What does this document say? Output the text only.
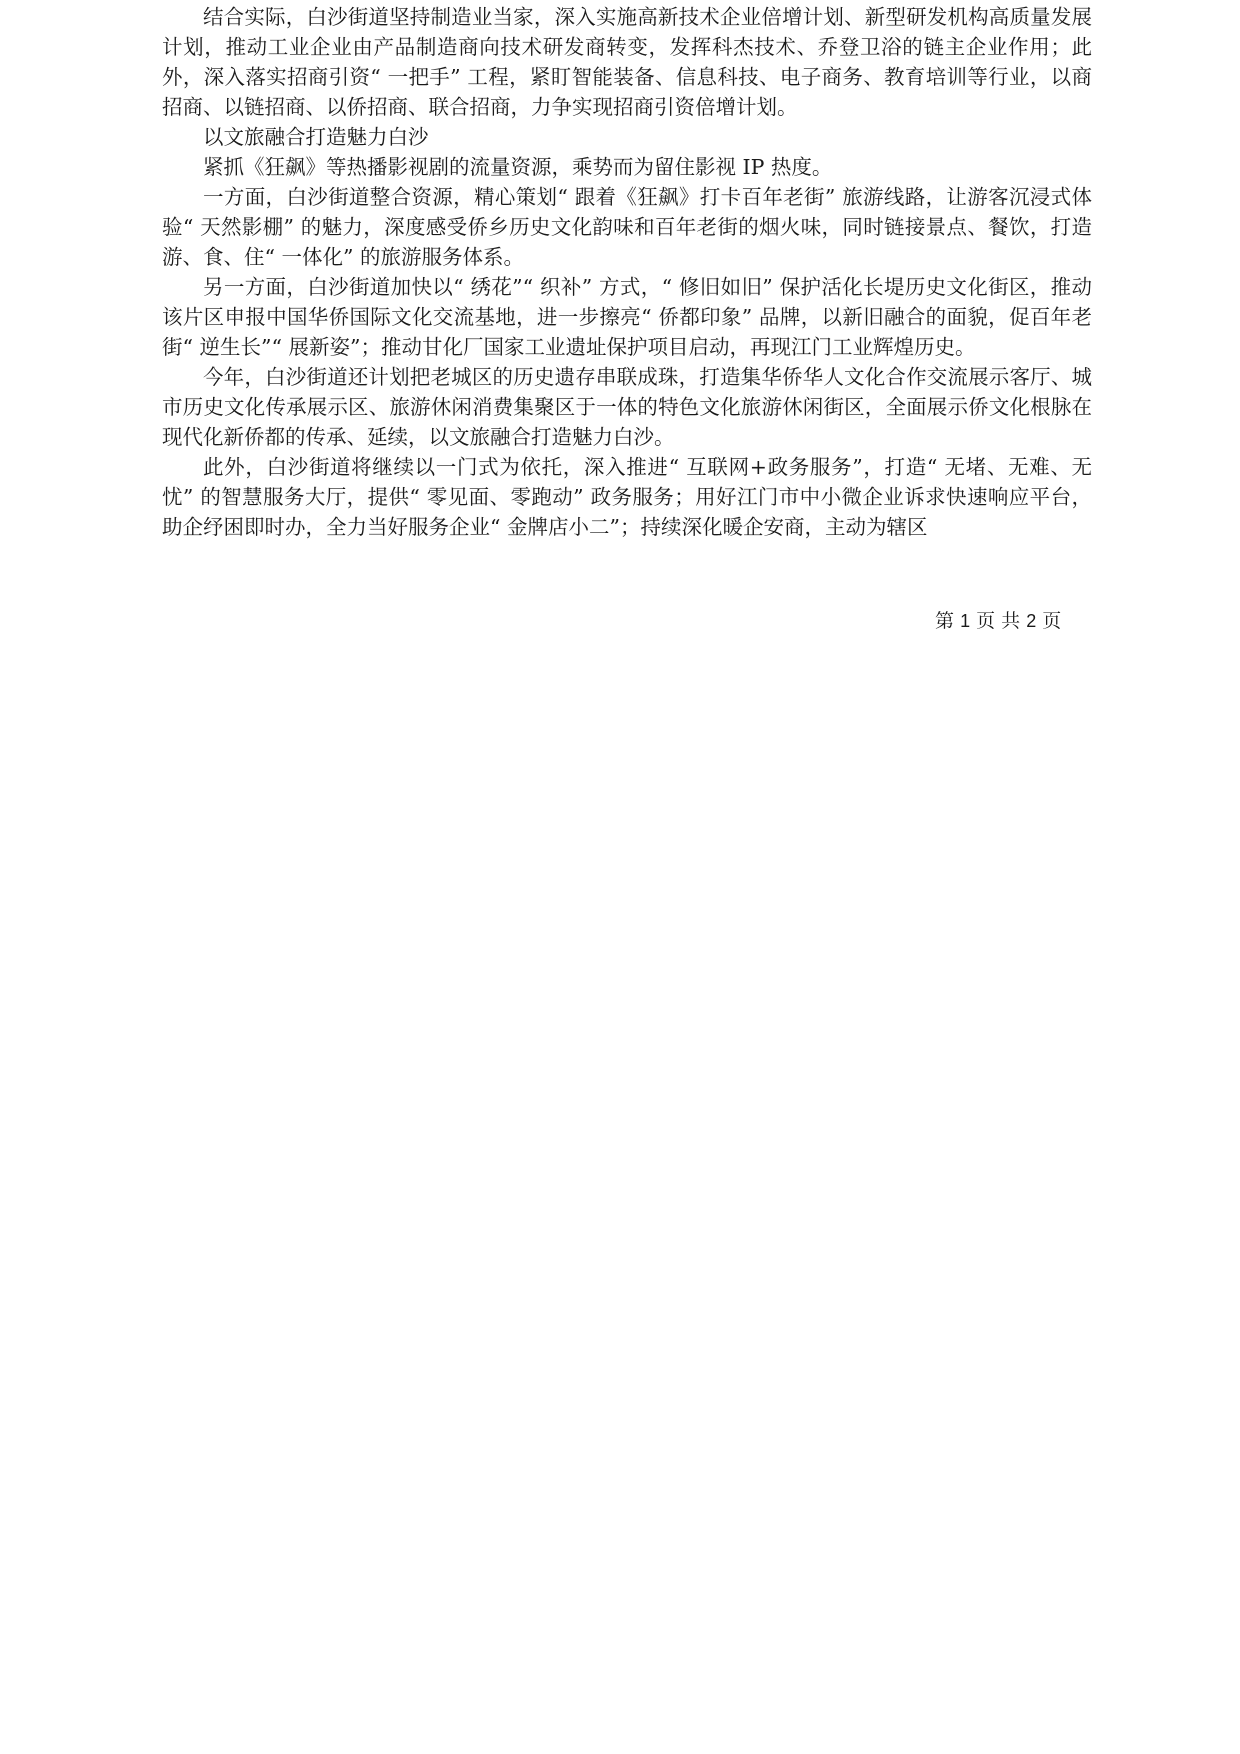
结合实际，白沙街道坚持制造业当家，深入实施高新技术企业倍增计划、新型研发机构高质量发展计划，推动工业企业由产品制造商向技术研发商转变，发挥科杰技术、乔登卫浴的链主企业作用；此外，深入落实招商引资“ 一把手” 工程，紧盯智能装备、信息科技、电子商务、教育培训等行业，以商招商、以链招商、以侨招商、联合招商，力争实现招商引资倍增计划。

以文旅融合打造魅力白沙

紧抓《狂飙》等热播影视剧的流量资源，乘势而为留住影视 IP 热度。

一方面，白沙街道整合资源，精心策划“ 跟着《狂飙》打卡百年老街” 旅游线路，让游客沉浸式体验“ 天然影棚” 的魅力，深度感受侨乡历史文化韵味和百年老街的烟火味，同时链接景点、餐饮，打造游、食、住“ 一体化” 的旅游服务体系。

另一方面，白沙街道加快以“ 绣花”“ 织补” 方式，“ 修旧如旧” 保护活化长堤历史文化街区，推动该片区申报中国华侨国际文化交流基地，进一步擦亮“ 侨都印象” 品牌，以新旧融合的面貌，促百年老街“ 逆生长”“ 展新姿”；推动甘化厂国家工业遗址保护项目启动，再现江门工业辉煌历史。

今年，白沙街道还计划把老城区的历史遗存串联成珠，打造集华侨华人文化合作交流展示客厅、城市历史文化传承展示区、旅游休闲消费集聚区于一体的特色文化旅游休闲街区，全面展示侨文化根脉在现代化新侨都的传承、延续，以文旅融合打造魅力白沙。

此外，白沙街道将继续以一门式为依托，深入推进“ 互联网+政务服务”，打造“ 无堵、无难、无忧” 的智慧服务大厅，提供“ 零见面、零跑动” 政务服务；用好江门市中小微企业诉求快速响应平台，助企纾困即时办，全力当好服务企业“ 金牌店小二”；持续深化暖企安商，主动为辖区

第 1 页 共 2 页
